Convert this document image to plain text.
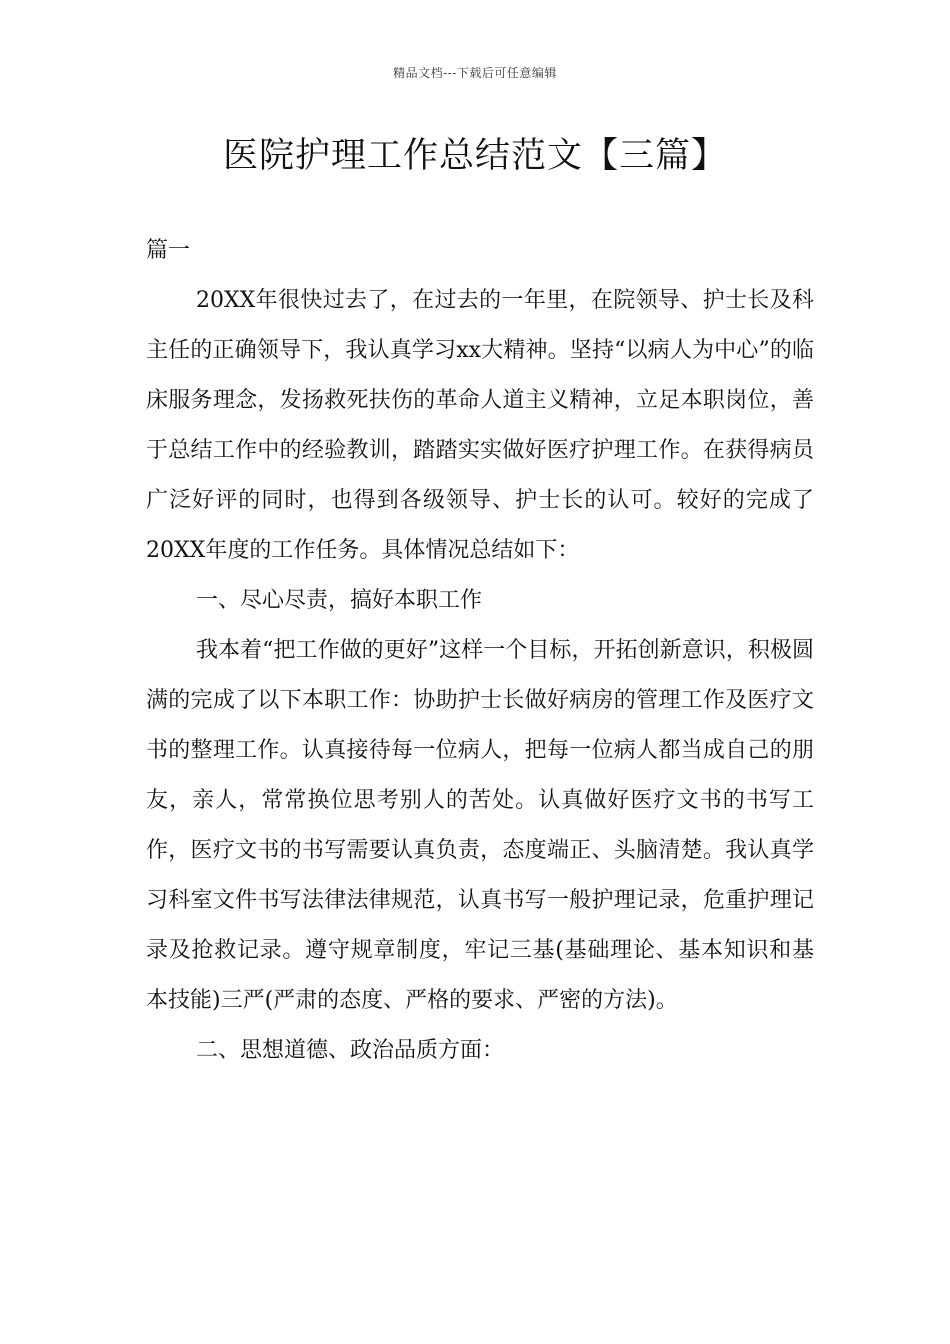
精品文档---下载后可任意编辑
医院护理工作总结范文【三篇】

篇一

20XX年很快过去了，在过去的一年里，在院领导、护士长及科主任的正确领导下，我认真学习xx大精神。坚持“以病人为中心”的临床服务理念，发扬救死扶伤的革命人道主义精神，立足本职岗位，善于总结工作中的经验教训，踏踏实实做好医疗护理工作。在获得病员广泛好评的同时，也得到各级领导、护士长的认可。较好的完成了20XX年度的工作任务。具体情况总结如下：

一、尽心尽责，搞好本职工作

我本着“把工作做的更好”这样一个目标，开拓创新意识，积极圆满的完成了以下本职工作：协助护士长做好病房的管理工作及医疗文书的整理工作。认真接待每一位病人，把每一位病人都当成自己的朋友，亲人，常常换位思考别人的苦处。认真做好医疗文书的书写工作，医疗文书的书写需要认真负责，态度端正、头脑清楚。我认真学习科室文件书写法律法律规范，认真书写一般护理记录，危重护理记录及抢救记录。遵守规章制度，牢记三基(基础理论、基本知识和基本技能)三严(严肃的态度、严格的要求、严密的方法)。

二、思想道德、政治品质方面：
